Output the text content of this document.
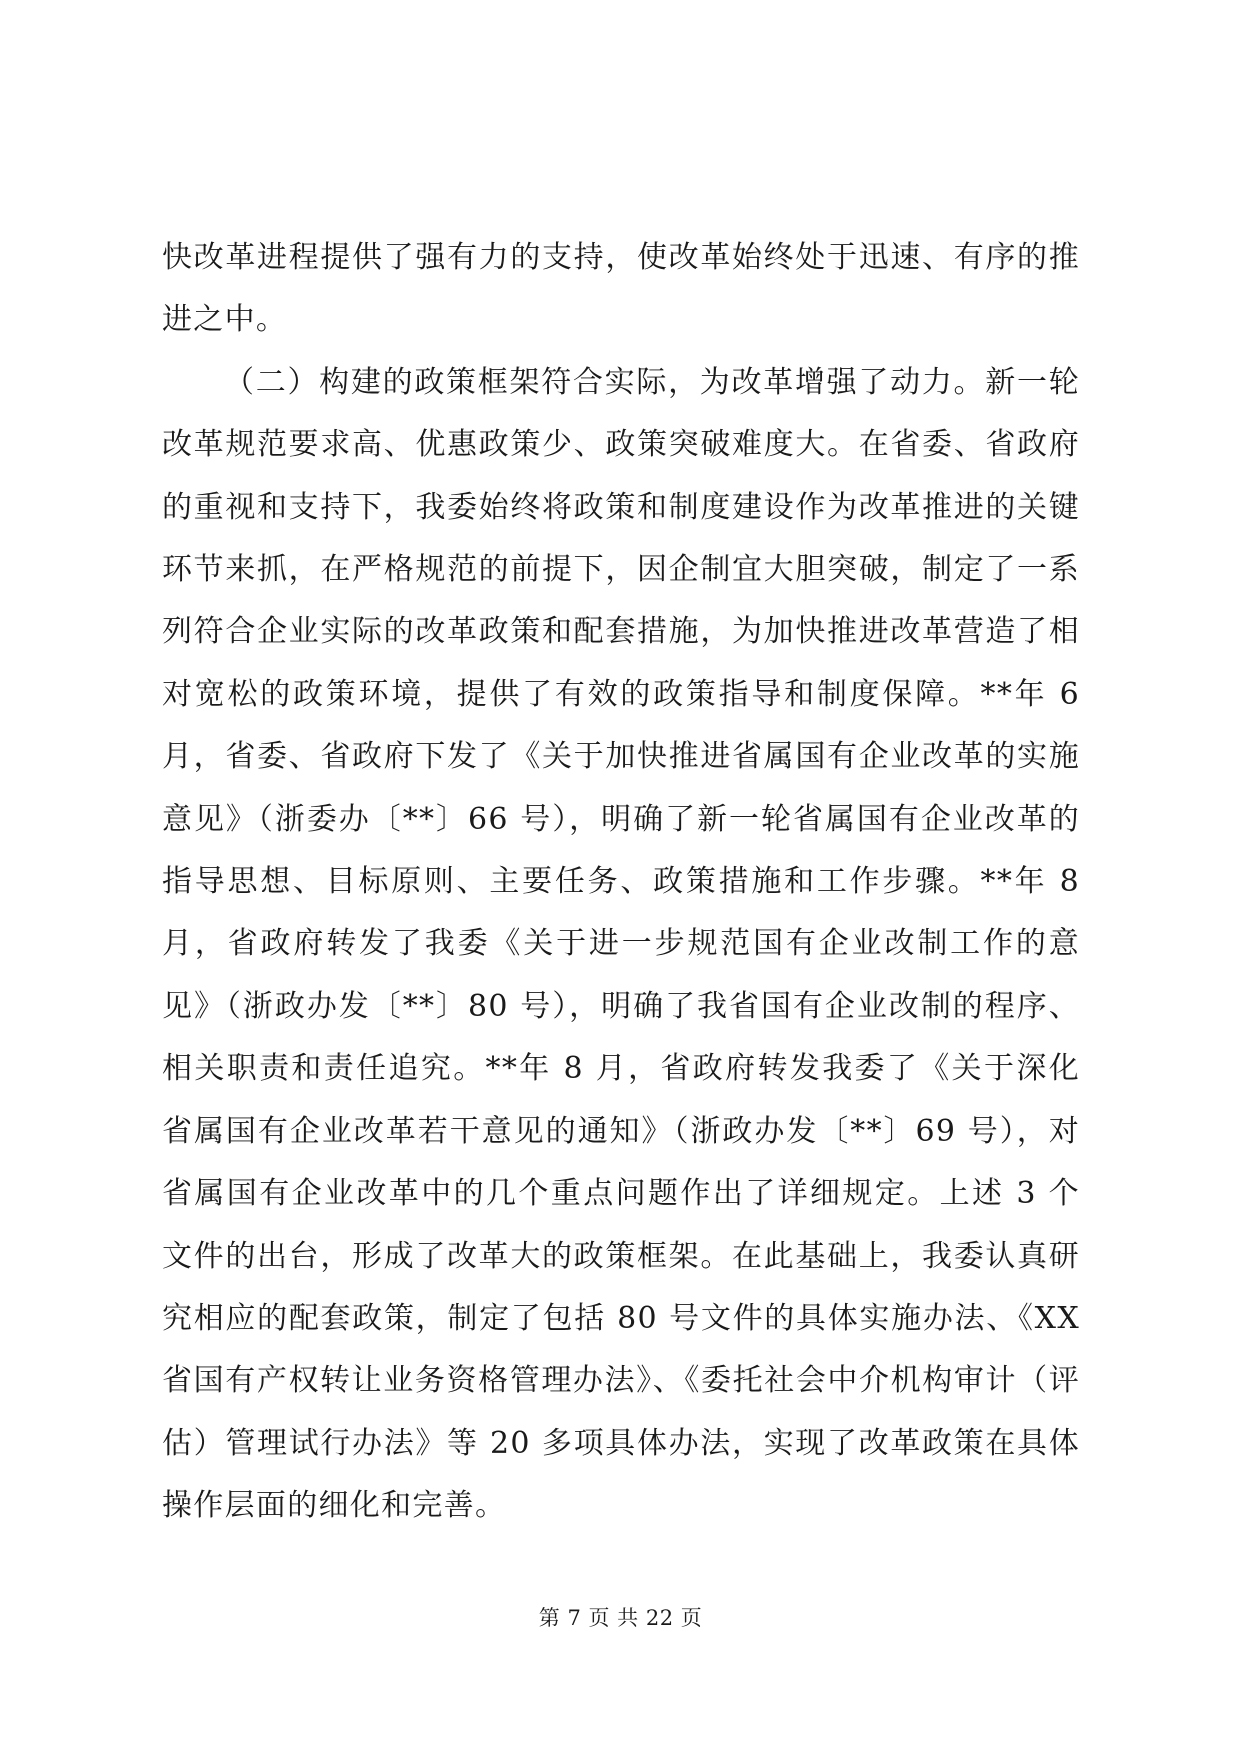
快改革进程提供了强有力的支持，使改革始终处于迅速、有序的推进之中。

（二）构建的政策框架符合实际，为改革增强了动力。新一轮改革规范要求高、优惠政策少、政策突破难度大。在省委、省政府的重视和支持下，我委始终将政策和制度建设作为改革推进的关键环节来抓，在严格规范的前提下，因企制宜大胆突破，制定了一系列符合企业实际的改革政策和配套措施，为加快推进改革营造了相对宽松的政策环境，提供了有效的政策指导和制度保障。**年 6 月，省委、省政府下发了《关于加快推进省属国有企业改革的实施意见》（浙委办〔**〕66 号），明确了新一轮省属国有企业改革的指导思想、目标原则、主要任务、政策措施和工作步骤。**年 8 月，省政府转发了我委《关于进一步规范国有企业改制工作的意见》（浙政办发〔**〕80 号），明确了我省国有企业改制的程序、相关职责和责任追究。**年 8 月，省政府转发我委了《关于深化省属国有企业改革若干意见的通知》（浙政办发〔**〕69 号），对省属国有企业改革中的几个重点问题作出了详细规定。上述 3 个文件的出台，形成了改革大的政策框架。在此基础上，我委认真研究相应的配套政策，制定了包括 80 号文件的具体实施办法、《XX 省国有产权转让业务资格管理办法》、《委托社会中介机构审计（评估）管理试行办法》等 20 多项具体办法，实现了改革政策在具体操作层面的细化和完善。

第 7 页 共 22 页
